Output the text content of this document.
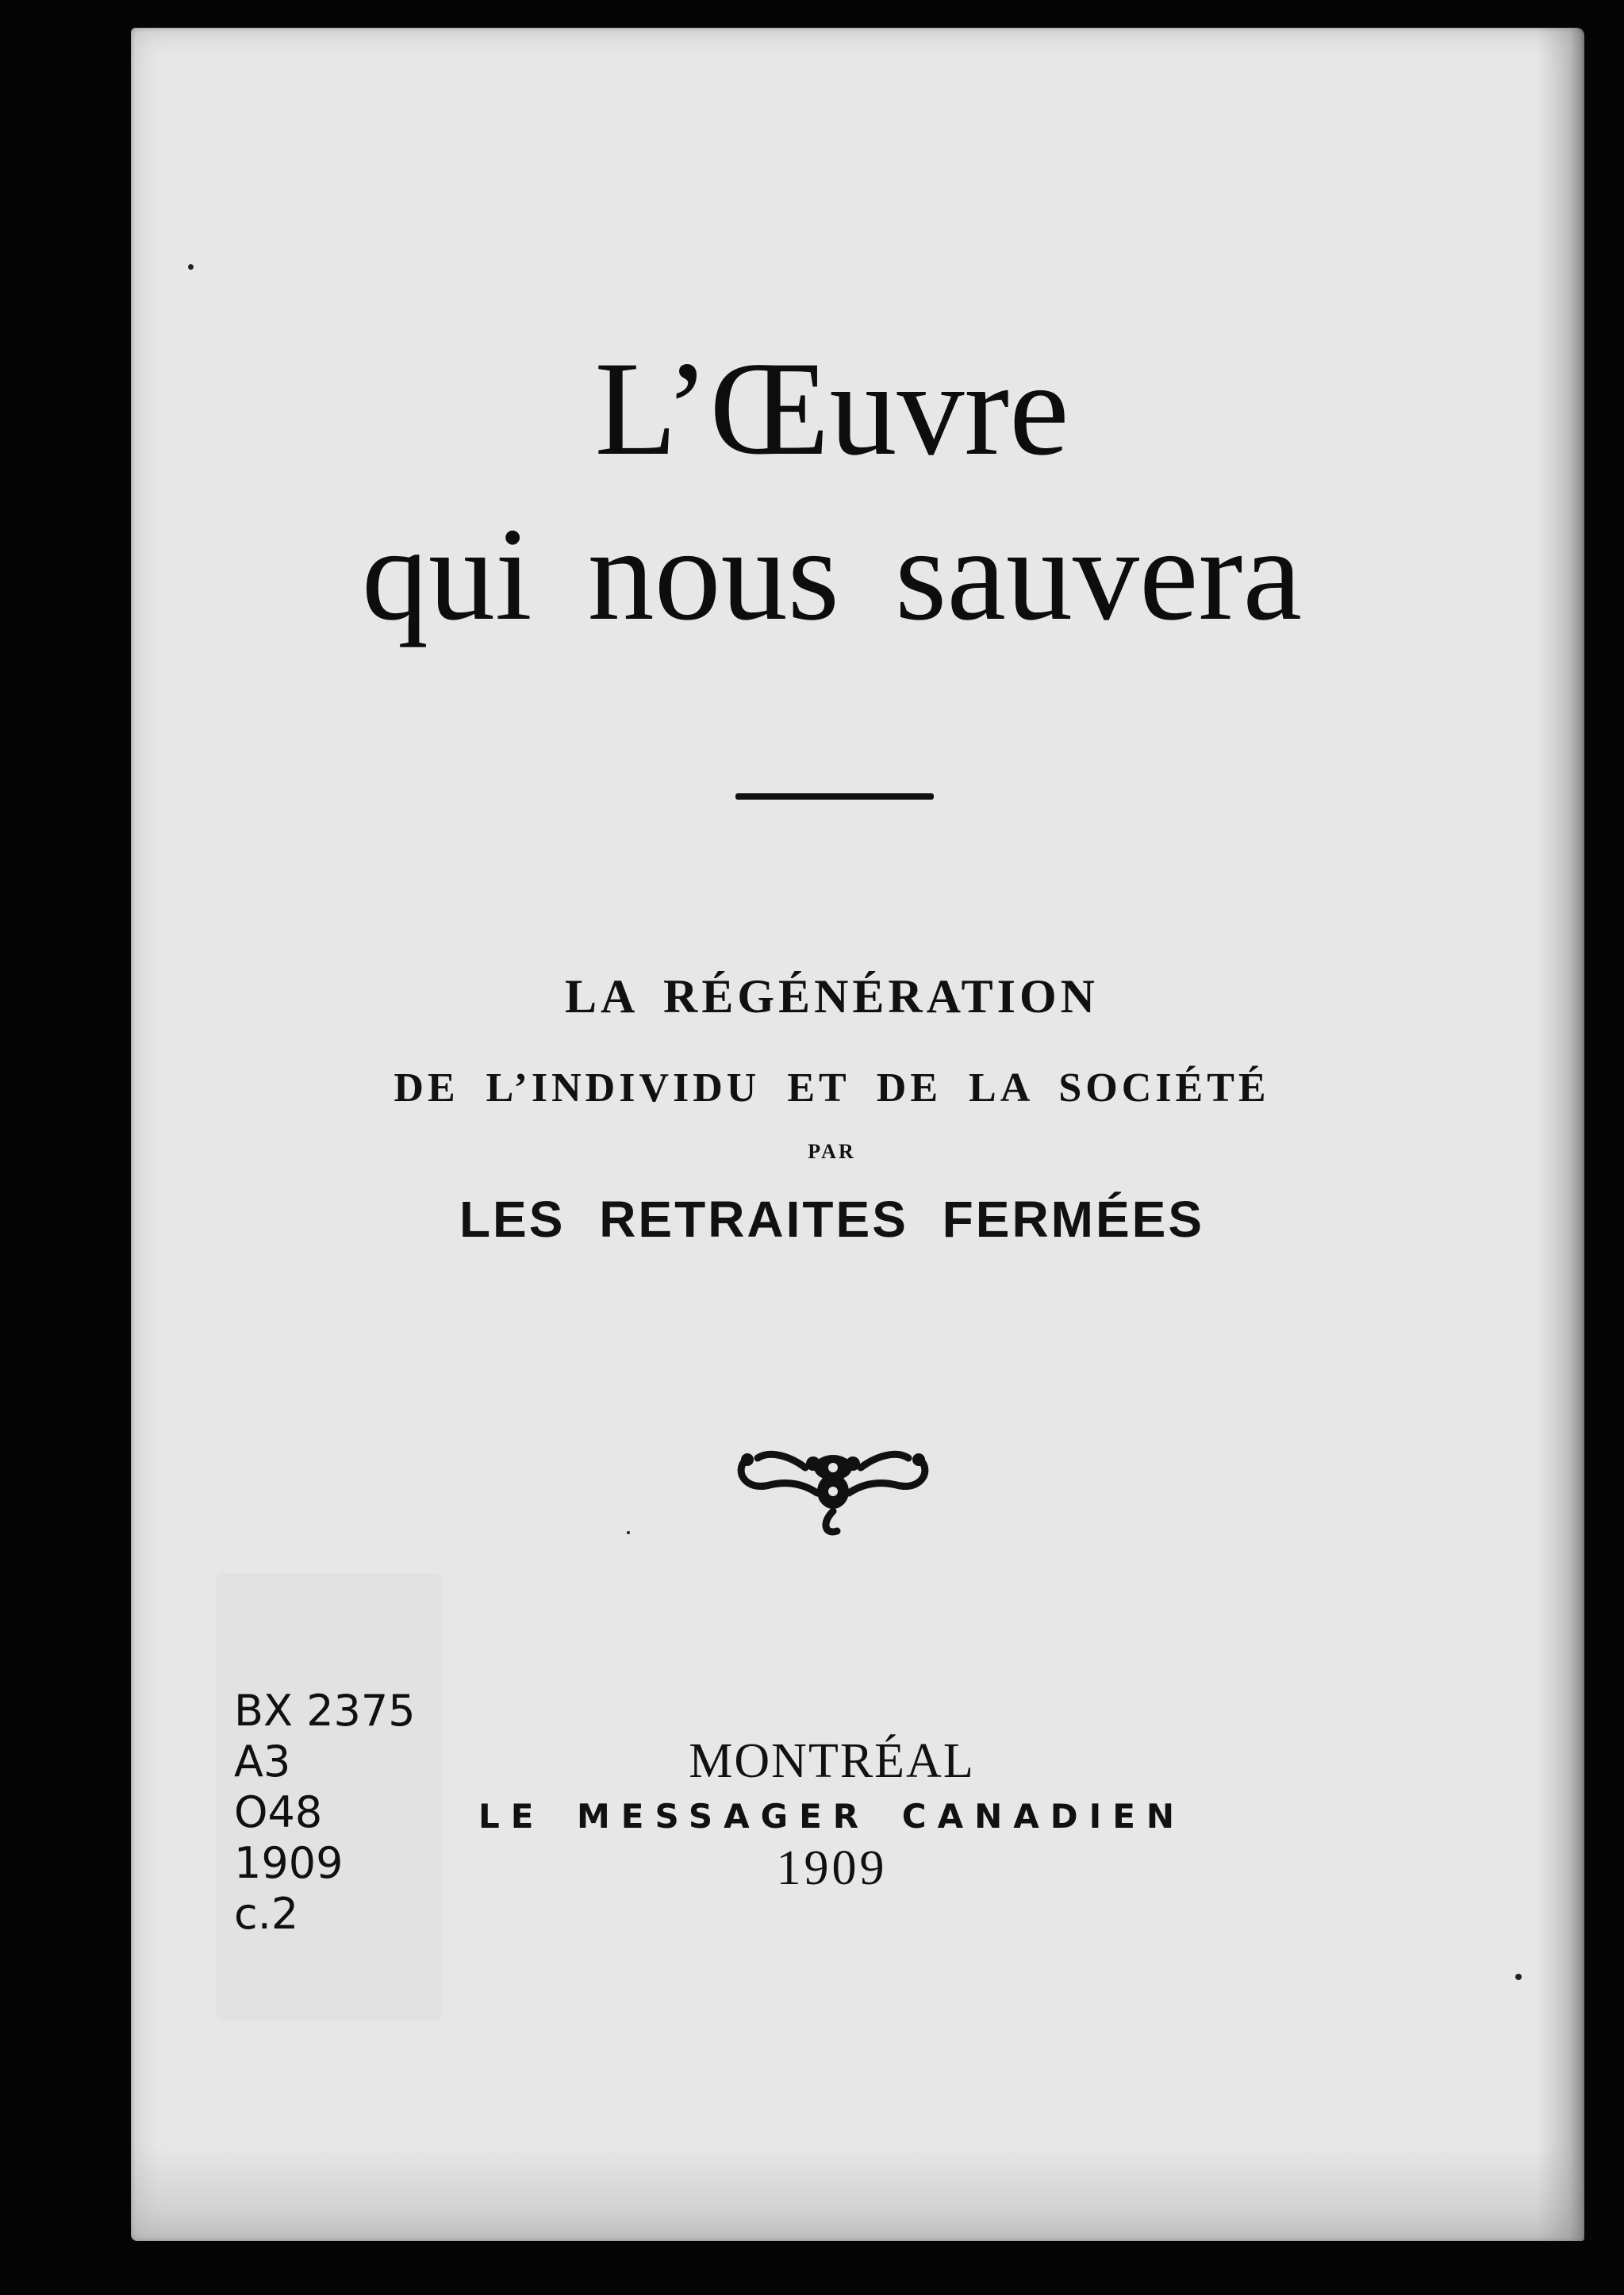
L’Œuvre
qui nous sauvera
LA RÉGÉNÉRATION
DE L’INDIVIDU ET DE LA SOCIÉTÉ
PAR
LES RETRAITES FERMÉES
BX 2375
A3
O48
1909
c.2
MONTRÉAL
LE MESSAGER CANADIEN
1909
